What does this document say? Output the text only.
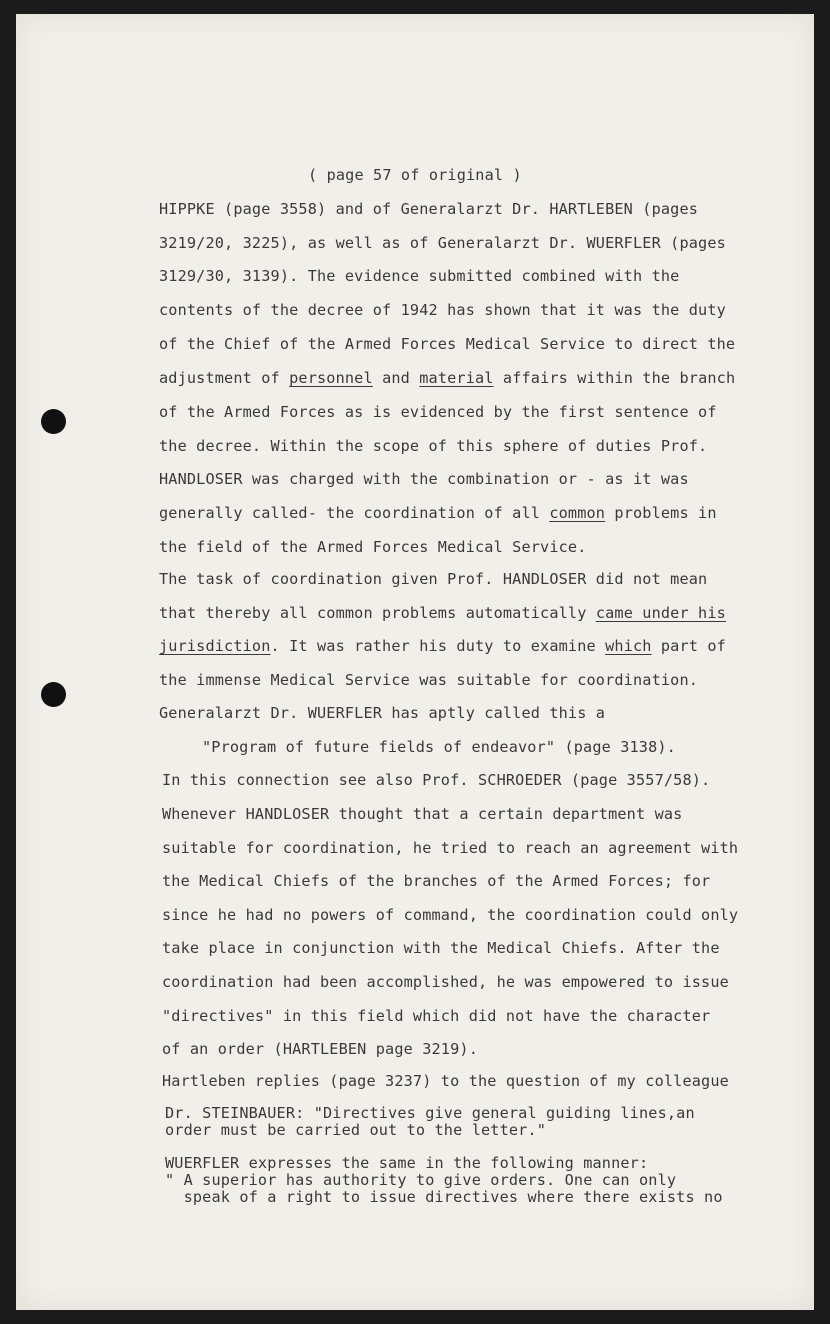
( page 57 of original )
HIPPKE (page 3558) and of Generalarzt Dr. HARTLEBEN (pages
3219/20, 3225), as well as of Generalarzt Dr. WUERFLER (pages
3129/30, 3139). The evidence submitted combined with the
contents of the decree of 1942 has shown that it was the duty
of the Chief of the Armed Forces Medical Service to direct the
adjustment of personnel and material affairs within the branch
of the Armed Forces as is evidenced by the first sentence of
the decree. Within the scope of this sphere of duties Prof.
HANDLOSER was charged with the combination or - as it was
generally called- the coordination of all common problems in
the field of the Armed Forces Medical Service.
The task of coordination given Prof. HANDLOSER did not mean
that thereby all common problems automatically came under his
jurisdiction. It was rather his duty to examine which part of
the immense Medical Service was suitable for coordination.
Generalarzt Dr. WUERFLER has aptly called this a
"Program of future fields of endeavor" (page 3138).
In this connection see also Prof. SCHROEDER (page 3557/58).
Whenever HANDLOSER thought that a certain department was
suitable for coordination, he tried to reach an agreement with
the Medical Chiefs of the branches of the Armed Forces; for
since he had no powers of command, the coordination could only
take place in conjunction with the Medical Chiefs. After the
coordination had been accomplished, he was empowered to issue
"directives" in this field which did not have the character
of an order (HARTLEBEN page 3219).
Hartleben replies (page 3237) to the question of my colleague
Dr. STEINBAUER: "Directives give general guiding lines,an
order must be carried out to the letter."
WUERFLER expresses the same in the following manner:
" A superior has authority to give orders. One can only
speak of a right to issue directives where there exists no
